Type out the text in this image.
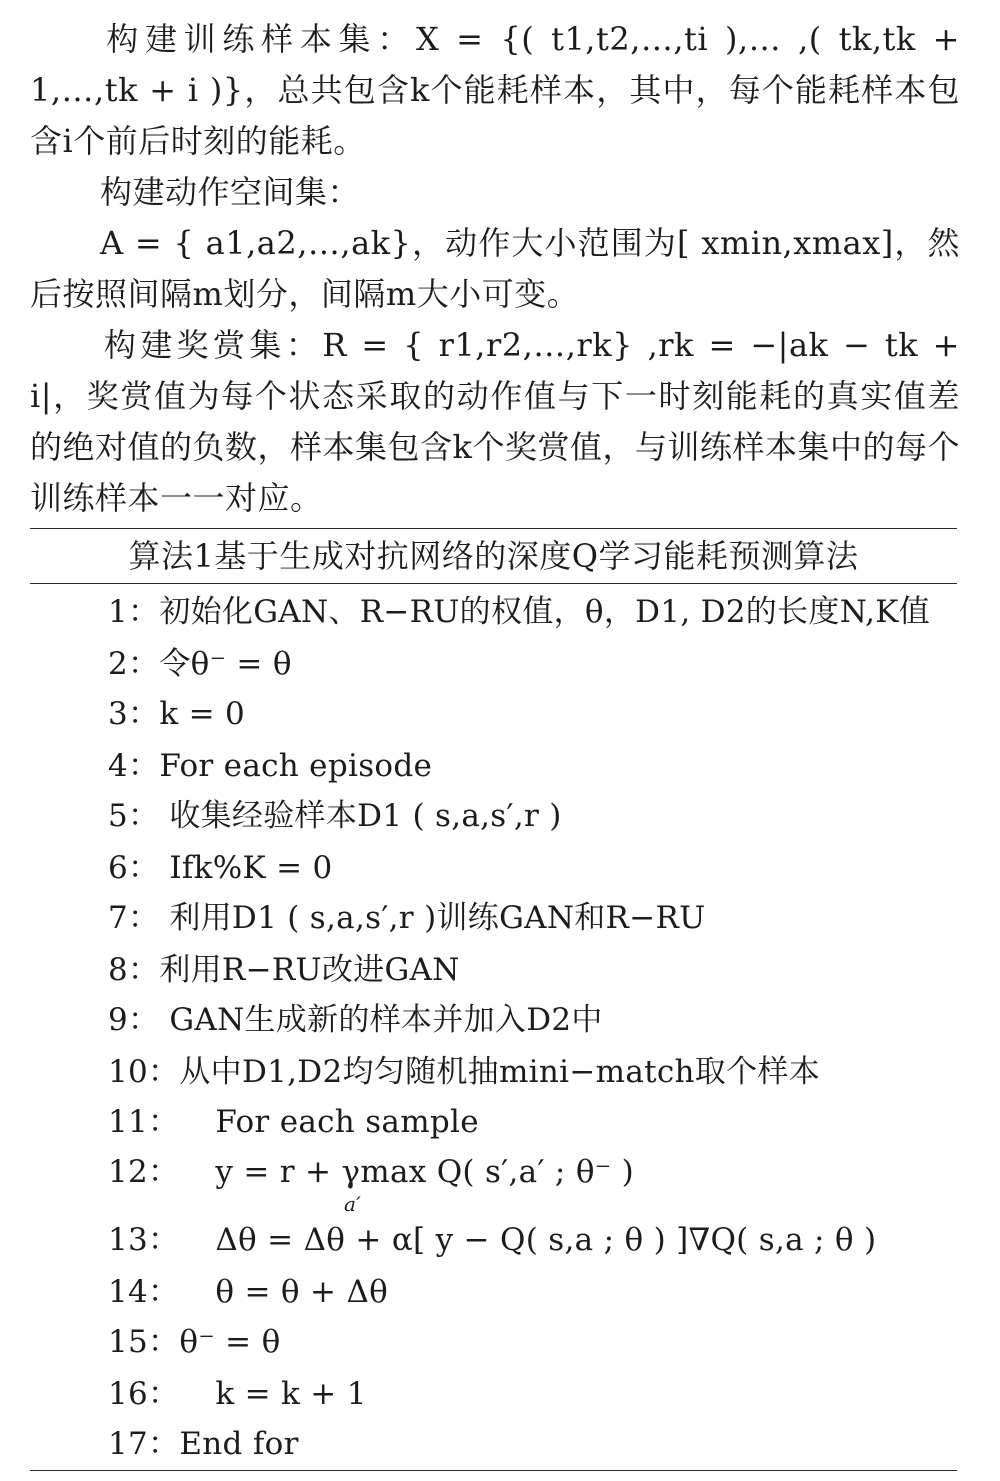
构建训练样本集：X = {( t1,t2,…,ti ),… ,( tk,tk + 1,…,tk + i )}，总共包含k个能耗样本，其中，每个能耗样本包含i个前后时刻的能耗。

构建动作空间集：

A = { a1,a2,…,ak}，动作大小范围为[ xmin,xmax]，然后按照间隔m划分，间隔m大小可变。

构建奖赏集：R = { r1,r2,…,rk} ,rk = −|ak − tk + i|，奖赏值为每个状态采取的动作值与下一时刻能耗的真实值差的绝对值的负数，样本集包含k个奖赏值，与训练样本集中的每个训练样本一一对应。

算法1基于生成对抗网络的深度Q学习能耗预测算法
1：初始化GAN、R−RU的权值，θ，D1, D2的长度N,K值
2：令θ⁻ = θ
3：k = 0
4：For each episode
5： 收集经验样本D1 ( s,a,s′,r )
6： Ifk%K = 0
7： 利用D1 ( s,a,s′,r )训练GAN和R−RU
8：利用R−RU改进GAN
9： GAN生成新的样本并加入D2中
10：从中D1,D2均匀随机抽mini−match取个样本
11： For each sample
12： y = r + γmax Q( s′,a′ ; θ⁻ )
a′
13： Δθ = Δθ + α[ y − Q( s,a ; θ ) ]∇Q( s,a ; θ )
14： θ = θ + Δθ
15：θ⁻ = θ
16： k = k + 1
17：End for
